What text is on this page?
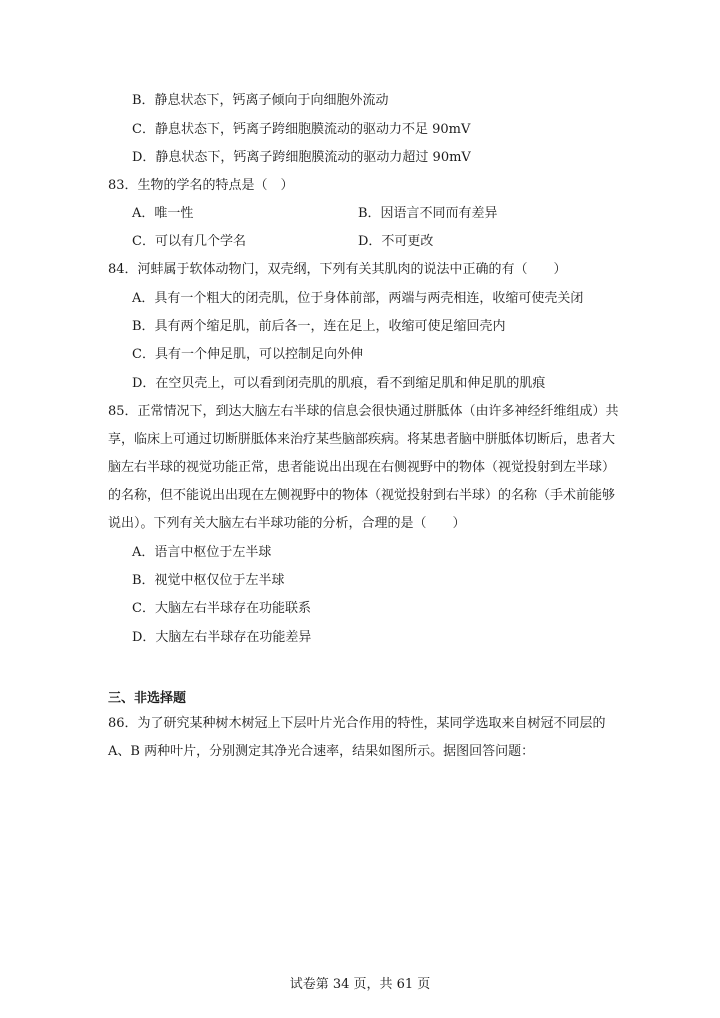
B．静息状态下，钙离子倾向于向细胞外流动
C．静息状态下，钙离子跨细胞膜流动的驱动力不足 90mV
D．静息状态下，钙离子跨细胞膜流动的驱动力超过 90mV
83．生物的学名的特点是（　）
A．唯一性	B．因语言不同而有差异
C．可以有几个学名	D．不可更改
84．河蚌属于软体动物门，双壳纲，下列有关其肌肉的说法中正确的有（　　）
A．具有一个粗大的闭壳肌，位于身体前部，两端与两壳相连，收缩可使壳关闭
B．具有两个缩足肌，前后各一，连在足上，收缩可使足缩回壳内
C．具有一个伸足肌，可以控制足向外伸
D．在空贝壳上，可以看到闭壳肌的肌痕，看不到缩足肌和伸足肌的肌痕
85．正常情况下，到达大脑左右半球的信息会很快通过胼胝体（由许多神经纤维组成）共
享，临床上可通过切断胼胝体来治疗某些脑部疾病。将某患者脑中胼胝体切断后，患者大
脑左右半球的视觉功能正常，患者能说出出现在右侧视野中的物体（视觉投射到左半球）
的名称，但不能说出出现在左侧视野中的物体（视觉投射到右半球）的名称（手术前能够
说出）。下列有关大脑左右半球功能的分析，合理的是（　　）
A．语言中枢位于左半球
B．视觉中枢仅位于左半球
C．大脑左右半球存在功能联系
D．大脑左右半球存在功能差异
三、非选择题
86．为了研究某种树木树冠上下层叶片光合作用的特性，某同学选取来自树冠不同层的
A、B 两种叶片，分别测定其净光合速率，结果如图所示。据图回答问题：
试卷第 34 页，共 61 页
